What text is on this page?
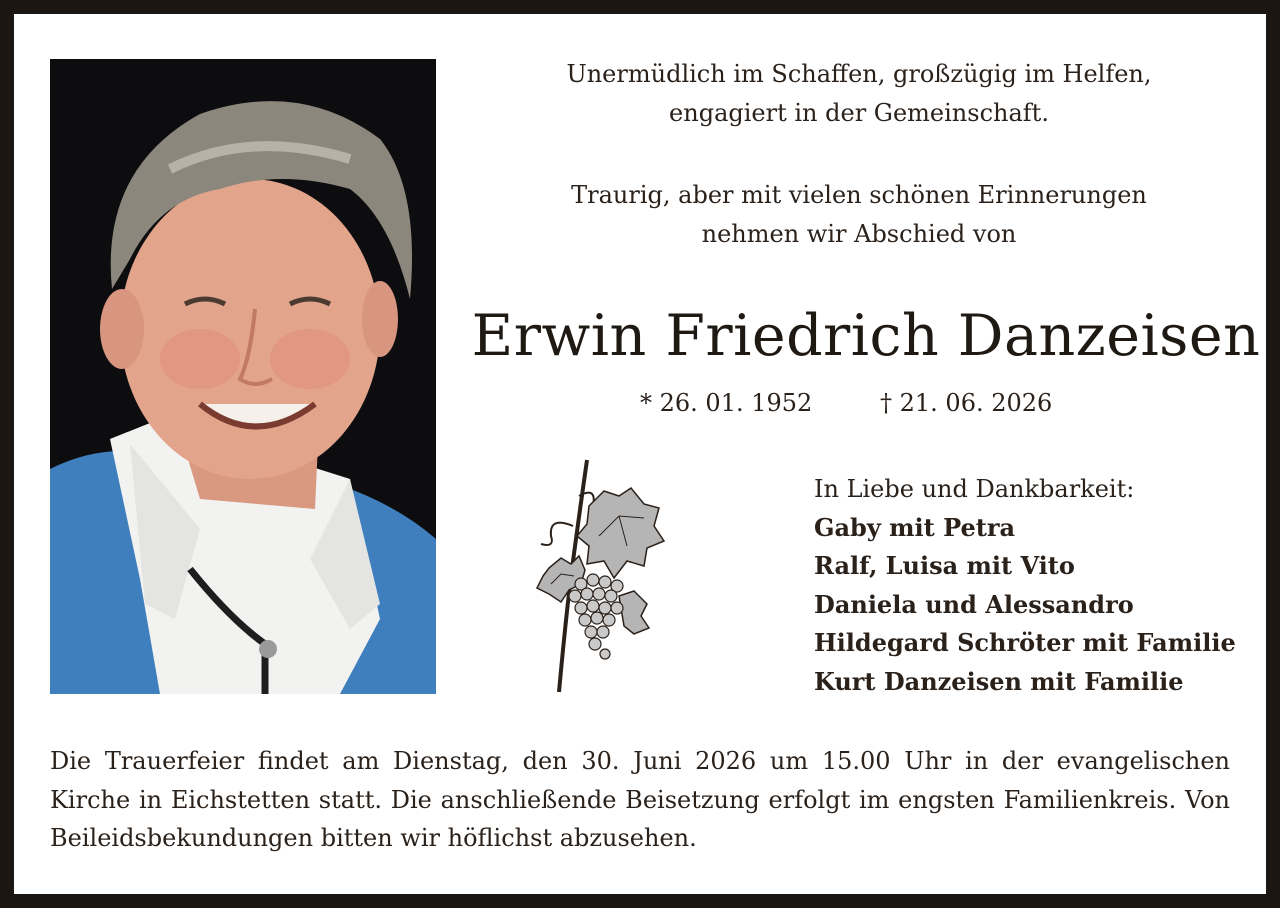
Unermüdlich im Schaffen, großzügig im Helfen,
engagiert in der Gemeinschaft.
Traurig, aber mit vielen schönen Erinnerungen
nehmen wir Abschied von
Erwin Friedrich Danzeisen
* 26. 01. 1952	† 21. 06. 2026
In Liebe und Dankbarkeit:
Gaby mit Petra
Ralf, Luisa mit Vito
Daniela und Alessandro
Hildegard Schröter mit Familie
Kurt Danzeisen mit Familie
Die Trauerfeier findet am Dienstag, den 30. Juni 2026 um 15.00 Uhr in der evangelischen Kirche in Eichstetten statt. Die anschließende Beisetzung erfolgt im engsten Familienkreis. Von Beileidsbekundungen bitten wir höflichst abzusehen.
